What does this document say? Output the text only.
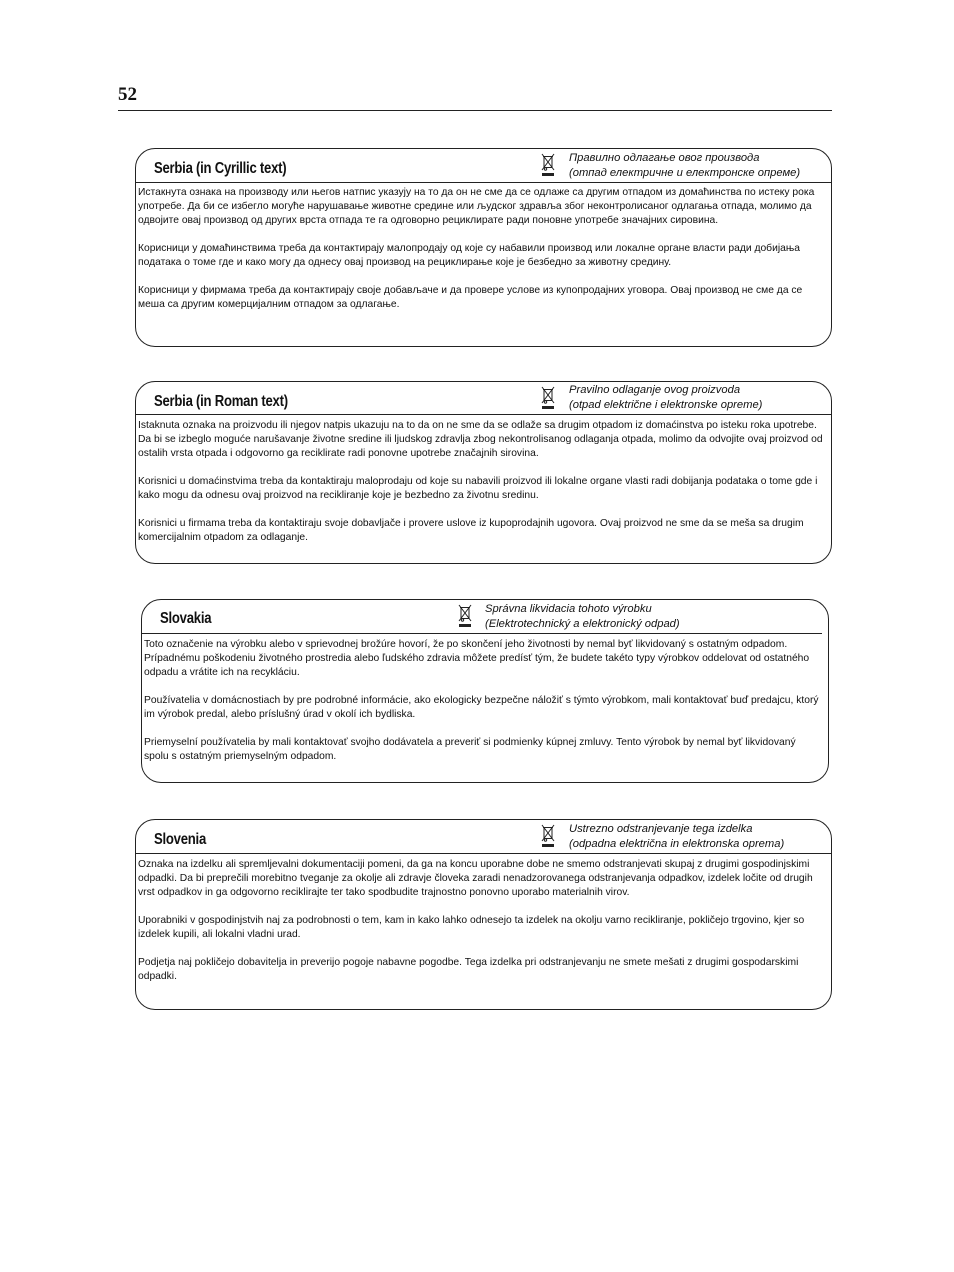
52
Serbia (in Cyrillic text)
Правилно одлагање овог производа
(отпад електричне и електронске опреме)

Истакнута ознака на производу или његов натпис указују на то да он не сме да се одлаже са другим отпадом из домаћинства по истеку рока употребе. Да би се избегло могуће нарушавање животне средине или људског здравља због неконтролисаног одлагања отпада, молимо да одвојите овај производ од других врста отпада те га одговорно рециклирате ради поновне употребе значајних сировина.

Корисници у домаћинствима треба да контактирају малопродају од које су набавили производ или локалне органе власти ради добијања података о томе где и како могу да однесу овај производ на рециклирање које је безбедно за животну средину.

Корисници у фирмама треба да контактирају своје добављаче и да провере услове из купопродајних уговора. Овај производ не сме да се меша са другим комерцијалним отпадом за одлагање.

Serbia (in Roman text)
Pravilno odlaganje ovog proizvoda
(otpad električne i elektronske opreme)

Istaknuta oznaka na proizvodu ili njegov natpis ukazuju na to da on ne sme da se odlaže sa drugim otpadom iz domaćinstva po isteku roka upotrebe. Da bi se izbeglo moguće narušavanje životne sredine ili ljudskog zdravlja zbog nekontrolisanog odlaganja otpada, molimo da odvojite ovaj proizvod od ostalih vrsta otpada i odgovorno ga reciklirate radi ponovne upotrebe značajnih sirovina.

Korisnici u domaćinstvima treba da kontaktiraju maloprodaju od koje su nabavili proizvod ili lokalne organe vlasti radi dobijanja podataka o tome gde i kako mogu da odnesu ovaj proizvod na recikliranje koje je bezbedno za životnu sredinu.

Korisnici u firmama treba da kontaktiraju svoje dobavljače i provere uslove iz kupoprodajnih ugovora. Ovaj proizvod ne sme da se meša sa drugim komercijalnim otpadom za odlaganje.

Slovakia
Správna likvidacia tohoto výrobku
(Elektrotechnický a elektronický odpad)

Toto označenie na výrobku alebo v sprievodnej brožúre hovorí, že po skončení jeho životnosti by nemal byť likvidovaný s ostatným odpadom. Prípadnému poškodeniu životného prostredia alebo ľudského zdravia môžete predísť tým, že budete takéto typy výrobkov oddelovat od ostatného odpadu a vrátite ich na recykláciu.

Používatelia v domácnostiach by pre podrobné informácie, ako ekologicky bezpečne náložiť s týmto výrobkom, mali kontaktovať buď predajcu, ktorý im výrobok predal, alebo príslušný úrad v okolí ich bydliska.

Priemyselní používatelia by mali kontaktovať svojho dodávatela a preveriť si podmienky kúpnej zmluvy. Tento výrobok by nemal byť likvidovaný spolu s ostatným priemyselným odpadom.

Slovenia
Ustrezno odstranjevanje tega izdelka
(odpadna električna in elektronska oprema)

Oznaka na izdelku ali spremljevalni dokumentaciji pomeni, da ga na koncu uporabne dobe ne smemo odstranjevati skupaj z drugimi gospodinjskimi odpadki. Da bi preprečili morebitno tveganje za okolje ali zdravje človeka zaradi nenadzorovanega odstranjevanja odpadkov, izdelek ločite od drugih vrst odpadkov in ga odgovorno reciklirajte ter tako spodbudite trajnostno ponovno uporabo materialnih virov.

Uporabniki v gospodinjstvih naj za podrobnosti o tem, kam in kako lahko odnesejo ta izdelek na okolju varno recikliranje, pokličejo trgovino, kjer so izdelek kupili, ali lokalni vladni urad.

Podjetja naj pokličejo dobavitelja in preverijo pogoje nabavne pogodbe. Tega izdelka pri odstranjevanju ne smete mešati z drugimi gospodarskimi odpadki.
